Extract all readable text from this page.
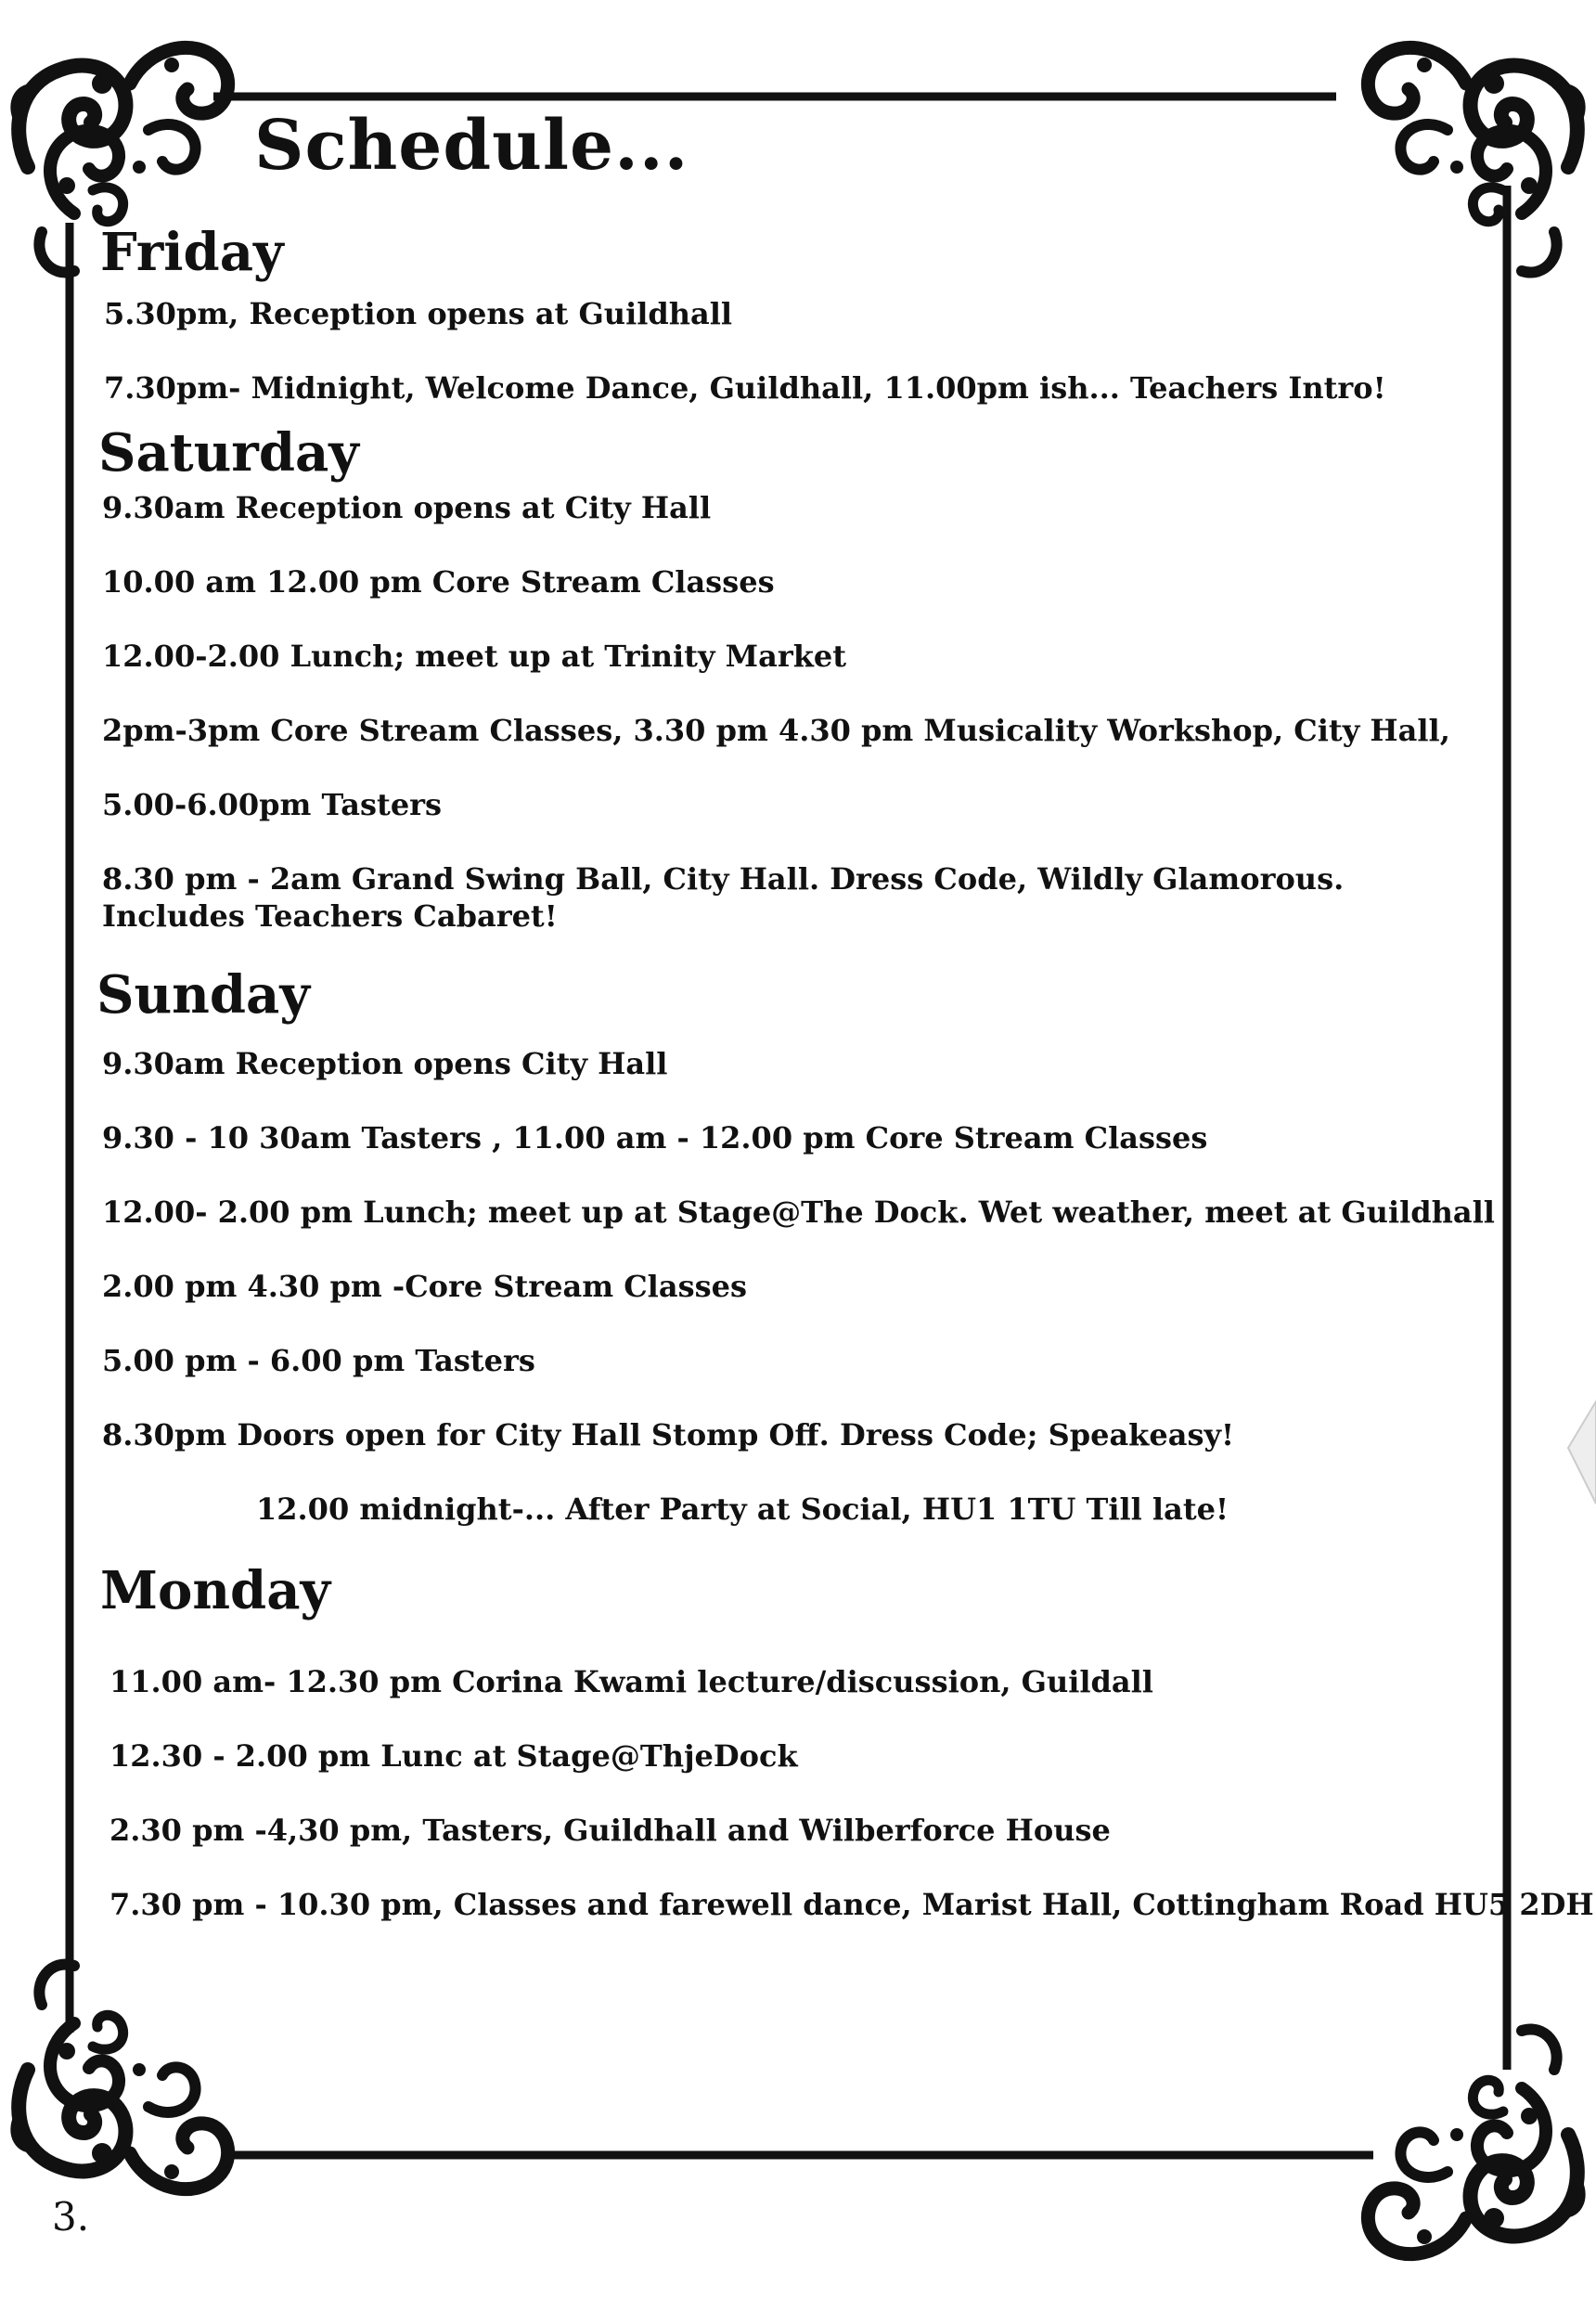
Schedule...
Friday

5.30pm, Reception opens at Guildhall

7.30pm- Midnight, Welcome Dance, Guildhall, 11.00pm ish... Teachers Intro!

Saturday

9.30am Reception opens at City Hall

10.00 am 12.00 pm Core Stream Classes

12.00-2.00 Lunch; meet up at Trinity Market

2pm-3pm Core Stream Classes, 3.30 pm 4.30 pm Musicality Workshop, City Hall,

5.00-6.00pm Tasters

8.30 pm - 2am Grand Swing Ball, City Hall. Dress Code, Wildly Glamorous.

Includes Teachers Cabaret!

Sunday

9.30am Reception opens City Hall

9.30 - 10 30am Tasters , 11.00 am - 12.00 pm Core Stream Classes

12.00- 2.00 pm Lunch; meet up at Stage@The Dock. Wet weather, meet at Guildhall

2.00 pm 4.30 pm -Core Stream Classes

5.00 pm - 6.00 pm Tasters

8.30pm Doors open for City Hall Stomp Off. Dress Code; Speakeasy!

12.00 midnight-... After Party at Social, HU1 1TU Till late!

Monday

11.00 am- 12.30 pm Corina Kwami lecture/discussion, Guildall

12.30 - 2.00 pm Lunc at Stage@ThjeDock

2.30 pm -4,30 pm, Tasters, Guildhall and Wilberforce House

7.30 pm - 10.30 pm, Classes and farewell dance, Marist Hall, Cottingham Road HU5 2DH

3.
